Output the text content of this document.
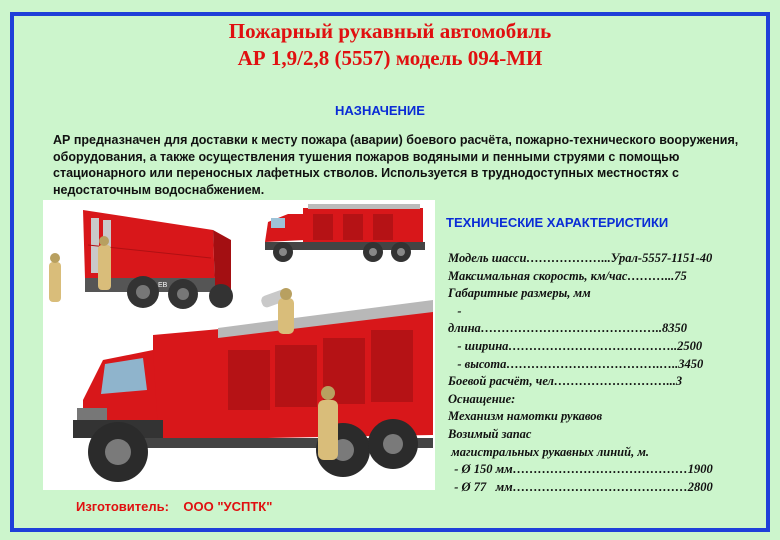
Пожарный рукавный автомобиль
АР 1,9/2,8 (5557) модель 094-МИ
НАЗНАЧЕНИЕ
АР предназначен для доставки к месту пожара (аварии) боевого расчёта, пожарно-технического вооружения, оборудования, а также осуществления тушения пожаров водяными и пенными струями с помощью стационарного или переносных лафетных стволов. Используется в труднодоступных местностях с недостаточным водоснабжением.
АР
ЕВ
ТЕХНИЧЕСКИЕ ХАРАКТЕРИСТИКИ
Модель шасси………………...Урал-5557-1151-40
Максимальная скорость, км/час………...75
Габаритные размеры, мм
-
длина……………………………………..8350
- ширина…………………………………..2500
- высота……………………………….…..3450
Боевой расчёт, чел………………………...3
Оснащение:
Механизм намотки рукавов
Возимый запас
магистральных рукавных линий, м.
- Ø 150 мм……………………………………1900
- Ø 77   мм……………………………………2800
Изготовитель:    ООО "УСПТК"
